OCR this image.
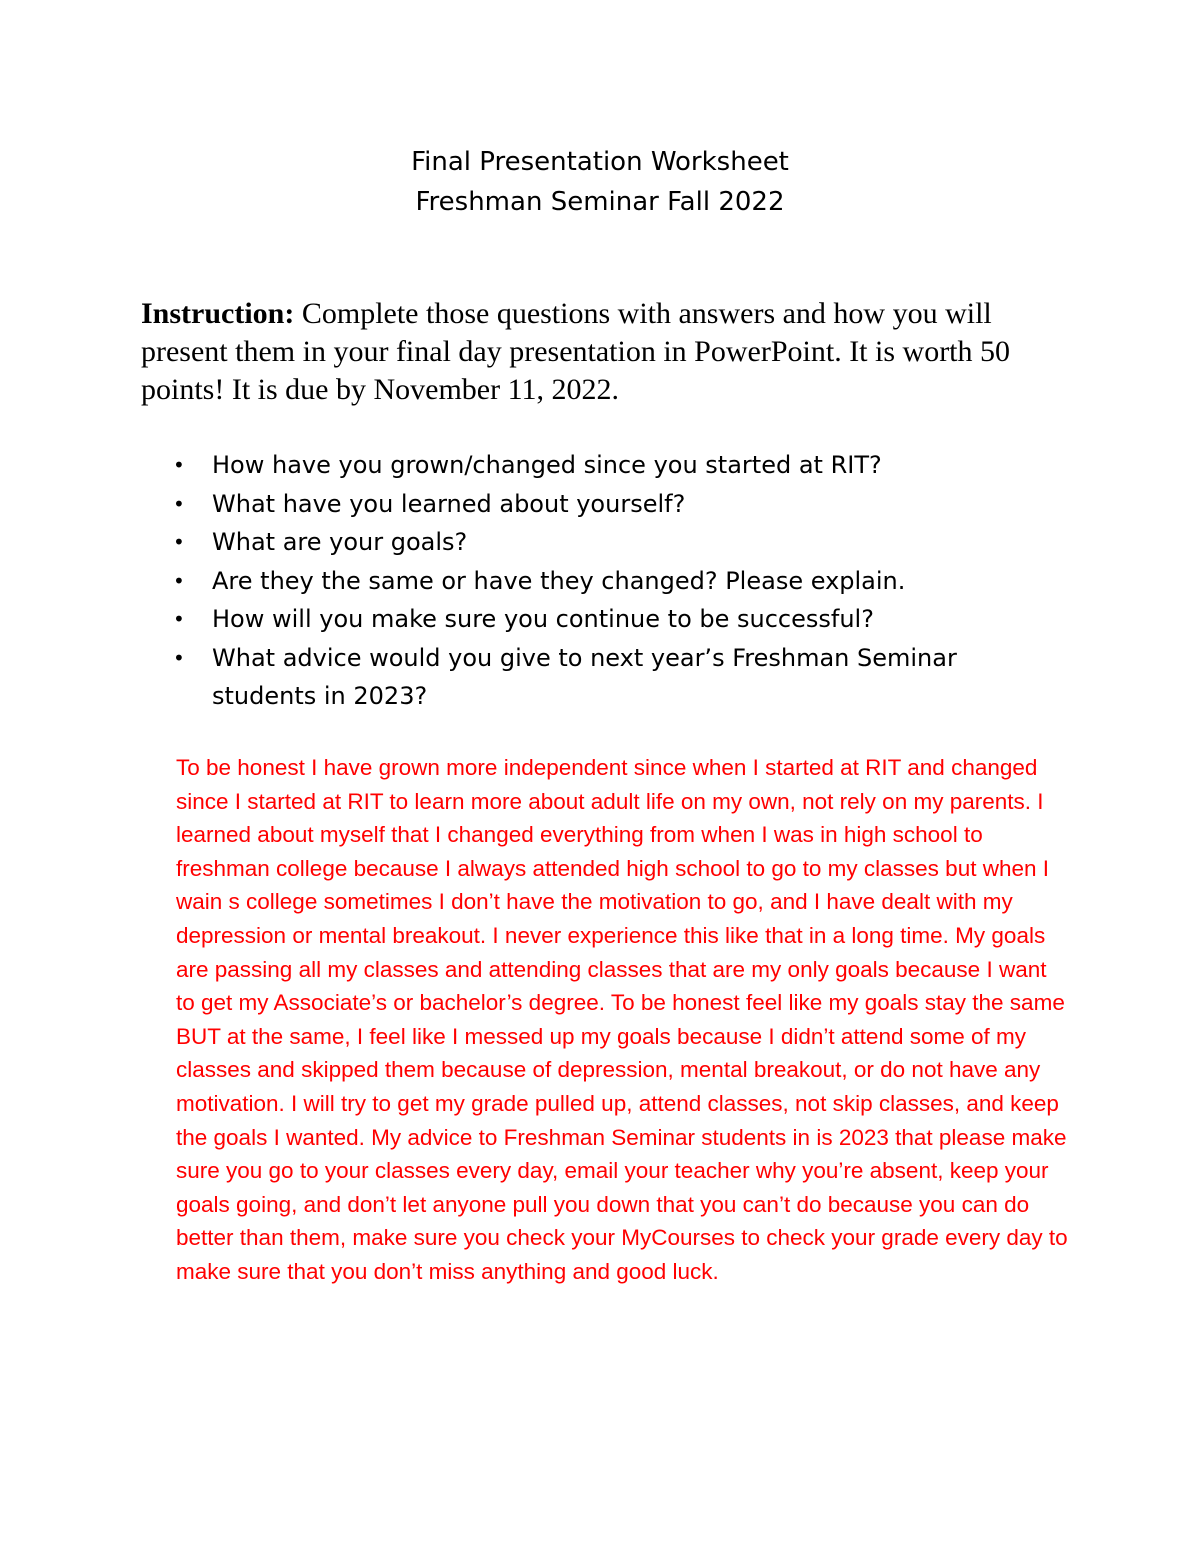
Final Presentation Worksheet
Freshman Seminar Fall 2022

Instruction: Complete those questions with answers and how you will present them in your final day presentation in PowerPoint. It is worth 50 points! It is due by November 11, 2022.

• How have you grown/changed since you started at RIT?
• What have you learned about yourself?
• What are your goals?
• Are they the same or have they changed? Please explain.
• How will you make sure you continue to be successful?
• What advice would you give to next year’s Freshman Seminar students in 2023?

To be honest I have grown more independent since when I started at RIT and changed since I started at RIT to learn more about adult life on my own, not rely on my parents. I learned about myself that I changed everything from when I was in high school to freshman college because I always attended high school to go to my classes but when I wain s college sometimes I don’t have the motivation to go, and I have dealt with my depression or mental breakout. I never experience this like that in a long time. My goals are passing all my classes and attending classes that are my only goals because I want to get my Associate’s or bachelor’s degree. To be honest feel like my goals stay the same BUT at the same, I feel like I messed up my goals because I didn’t attend some of my classes and skipped them because of depression, mental breakout, or do not have any motivation. I will try to get my grade pulled up, attend classes, not skip classes, and keep the goals I wanted. My advice to Freshman Seminar students in is 2023 that please make sure you go to your classes every day, email your teacher why you’re absent, keep your goals going, and don’t let anyone pull you down that you can’t do because you can do better than them, make sure you check your MyCourses to check your grade every day to make sure that you don’t miss anything and good luck.
